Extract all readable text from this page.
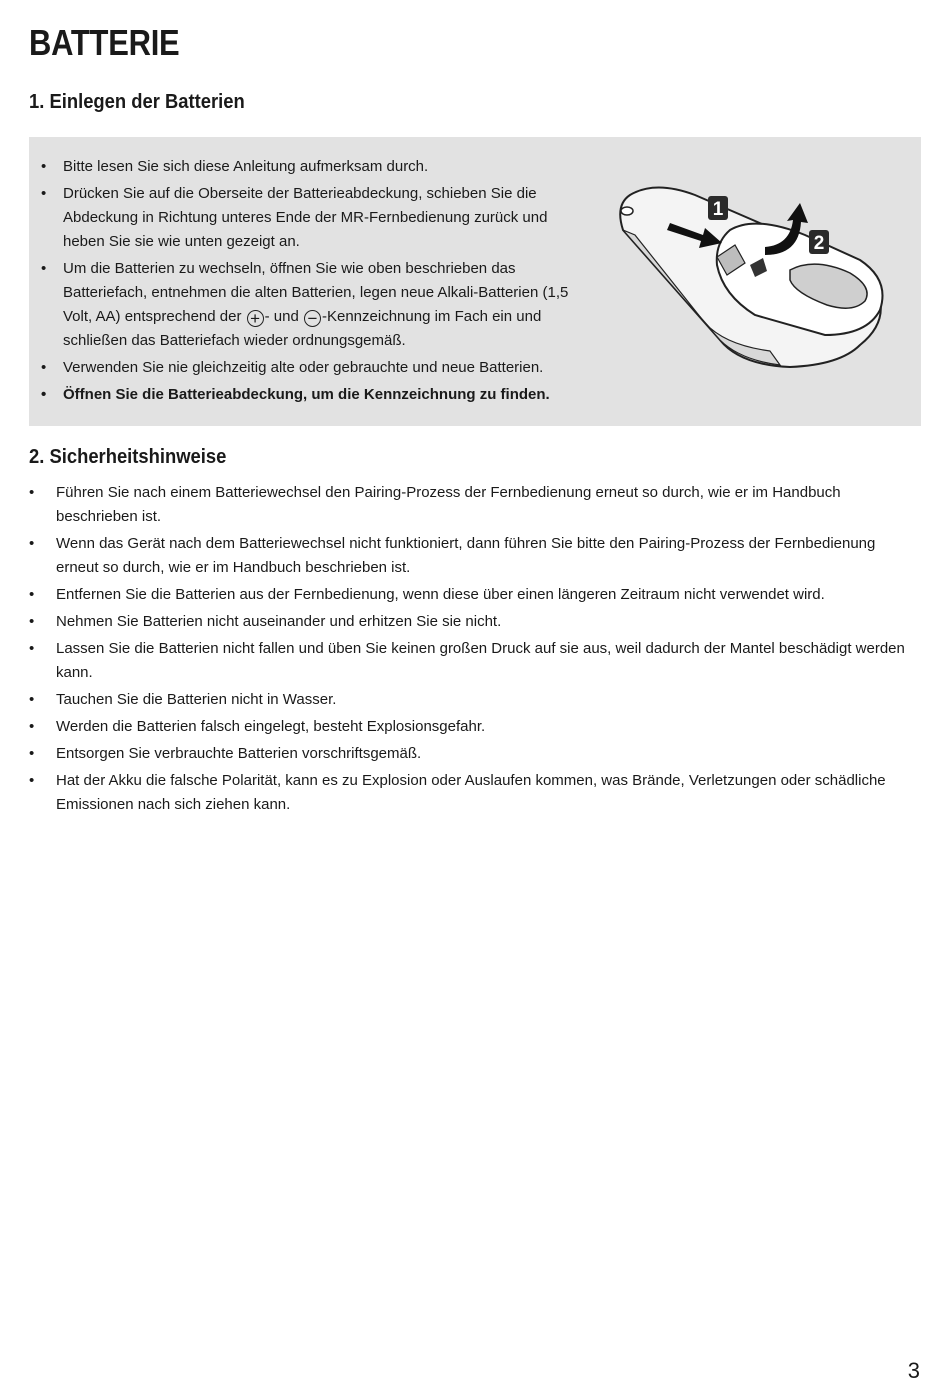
BATTERIE
1. Einlegen der Batterien
• Bitte lesen Sie sich diese Anleitung aufmerksam durch.
• Drücken Sie auf die Oberseite der Batterieabdeckung, schieben Sie die Abdeckung in Richtung unteres Ende der MR-Fernbedienung zurück und heben Sie sie wie unten gezeigt an.
• Um die Batterien zu wechseln, öffnen Sie wie oben beschrieben das Batteriefach, entnehmen die alten Batterien, legen neue Alkali-Batterien (1,5 Volt, AA) entsprechend der + - und − -Kennzeichnung im Fach ein und schließen das Batteriefach wieder ordnungsgemäß.
• Verwenden Sie nie gleichzeitig alte oder gebrauchte und neue Batterien.
• Öffnen Sie die Batterieabdeckung, um die Kennzeichnung zu finden.
1
2
2. Sicherheitshinweise
• Führen Sie nach einem Batteriewechsel den Pairing-Prozess der Fernbedienung erneut so durch, wie er im Handbuch beschrieben ist.
• Wenn das Gerät nach dem Batteriewechsel nicht funktioniert, dann führen Sie bitte den Pairing-Prozess der Fernbedienung erneut so durch, wie er im Handbuch beschrieben ist.
• Entfernen Sie die Batterien aus der Fernbedienung, wenn diese über einen längeren Zeitraum nicht verwendet wird.
• Nehmen Sie Batterien nicht auseinander und erhitzen Sie sie nicht.
• Lassen Sie die Batterien nicht fallen und üben Sie keinen großen Druck auf sie aus, weil dadurch der Mantel beschädigt werden kann.
• Tauchen Sie die Batterien nicht in Wasser.
• Werden die Batterien falsch eingelegt, besteht Explosionsgefahr.
• Entsorgen Sie verbrauchte Batterien vorschriftsgemäß.
• Hat der Akku die falsche Polarität, kann es zu Explosion oder Auslaufen kommen, was Brände, Verletzungen oder schädliche Emissionen nach sich ziehen kann.
3
